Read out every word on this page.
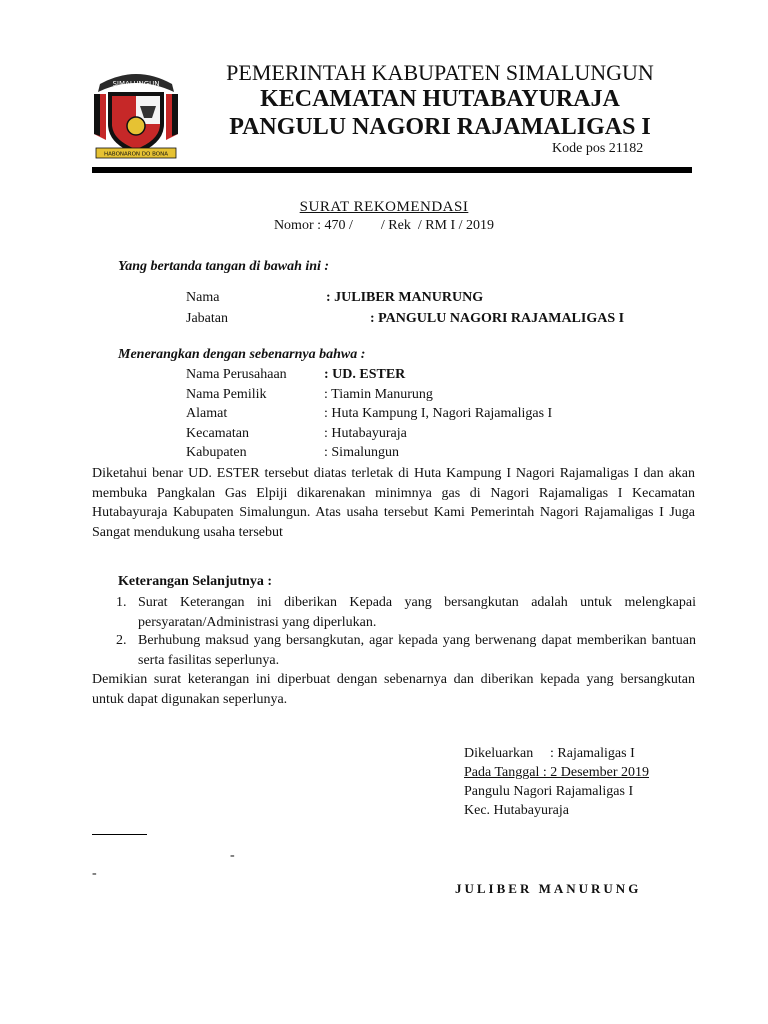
SIMALUNGUN
HABONARON DO BONA
PEMERINTAH KABUPATEN SIMALUNGUN
KECAMATAN HUTABAYURAJA
PANGULU NAGORI RAJAMALIGAS I
Kode pos 21182
SURAT REKOMENDASI
Nomor : 470 /        / Rek  / RM I / 2019
Yang bertanda tangan di bawah ini :
Nama	: JULIBER MANURUNG
Jabatan	: PANGULU NAGORI RAJAMALIGAS I
Menerangkan dengan sebenarnya bahwa :
Nama Perusahaan	: UD. ESTER
Nama Pemilik	: Tiamin Manurung
Alamat	: Huta Kampung I, Nagori Rajamaligas I
Kecamatan	: Hutabayuraja
Kabupaten	: Simalungun
Diketahui benar UD. ESTER tersebut diatas terletak di Huta Kampung I Nagori Rajamaligas I dan akan membuka Pangkalan Gas Elpiji dikarenakan minimnya gas di Nagori Rajamaligas I Kecamatan Hutabayuraja Kabupaten Simalungun. Atas usaha tersebut Kami Pemerintah Nagori Rajamaligas I Juga Sangat mendukung usaha tersebut
Keterangan Selanjutnya :
1. Surat Keterangan ini diberikan Kepada yang bersangkutan adalah untuk melengkapai persyaratan/Administrasi yang diperlukan.
2. Berhubung maksud yang bersangkutan, agar kepada yang berwenang dapat memberikan bantuan serta fasilitas seperlunya.
Demikian surat keterangan ini diperbuat dengan sebenarnya dan diberikan kepada yang bersangkutan untuk dapat digunakan seperlunya.
Dikeluarkan : Rajamaligas I
Pada Tanggal : 2 Desember 2019
Pangulu Nagori Rajamaligas I
Kec. Hutabayuraja
-
-
JULIBER MANURUNG
